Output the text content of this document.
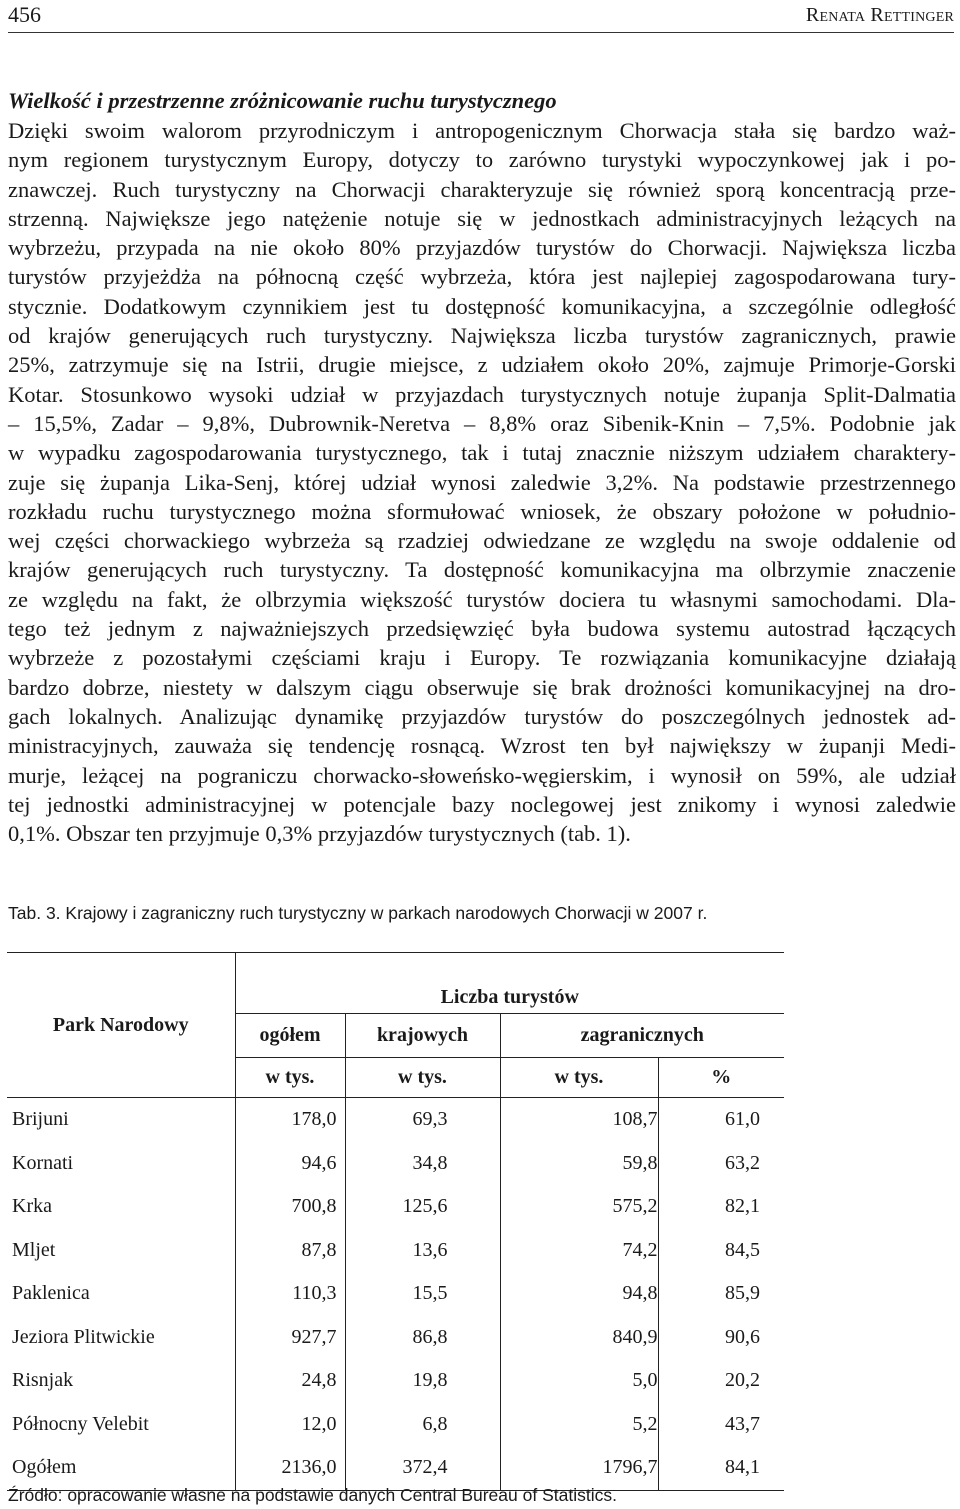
456	Renata Rettinger
Wielkość i przestrzenne zróżnicowanie ruchu turystycznego
Dzięki swoim walorom przyrodniczym i antropogenicznym Chorwacja stała się bardzo waż-
nym regionem turystycznym Europy, dotyczy to zarówno turystyki wypoczynkowej jak i po-
znawczej. Ruch turystyczny na Chorwacji charakteryzuje się również sporą koncentracją prze-
strzenną. Największe jego natężenie notuje się w jednostkach administracyjnych leżących na
wybrzeżu, przypada na nie około 80% przyjazdów turystów do Chorwacji. Największa liczba
turystów przyjeżdża na północną część wybrzeża, która jest najlepiej zagospodarowana tury-
stycznie. Dodatkowym czynnikiem jest tu dostępność komunikacyjna, a szczególnie odległość
od krajów generujących ruch turystyczny. Największa liczba turystów zagranicznych, prawie
25%, zatrzymuje się na Istrii, drugie miejsce, z udziałem około 20%, zajmuje Primorje-Gorski
Kotar. Stosunkowo wysoki udział w przyjazdach turystycznych notuje żupanja Split-Dalmatia
– 15,5%, Zadar – 9,8%, Dubrownik-Neretva – 8,8% oraz Sibenik-Knin – 7,5%. Podobnie jak
w wypadku zagospodarowania turystycznego, tak i tutaj znacznie niższym udziałem charaktery-
zuje się żupanja Lika-Senj, której udział wynosi zaledwie 3,2%. Na podstawie przestrzennego
rozkładu ruchu turystycznego można sformułować wniosek, że obszary położone w południo-
wej części chorwackiego wybrzeża są rzadziej odwiedzane ze względu na swoje oddalenie od
krajów generujących ruch turystyczny. Ta dostępność komunikacyjna ma olbrzymie znaczenie
ze względu na fakt, że olbrzymia większość turystów dociera tu własnymi samochodami. Dla-
tego też jednym z najważniejszych przedsięwzięć była budowa systemu autostrad łączących
wybrzeże z pozostałymi częściami kraju i Europy. Te rozwiązania komunikacyjne działają
bardzo dobrze, niestety w dalszym ciągu obserwuje się brak drożności komunikacyjnej na dro-
gach lokalnych. Analizując dynamikę przyjazdów turystów do poszczególnych jednostek ad-
ministracyjnych, zauważa się tendencję rosnącą. Wzrost ten był największy w żupanji Medi-
murje, leżącej na pograniczu chorwacko-słoweńsko-węgierskim, i wynosił on 59%, ale udział
tej jednostki administracyjnej w potencjale bazy noclegowej jest znikomy i wynosi zaledwie
0,1%. Obszar ten przyjmuje 0,3% przyjazdów turystycznych (tab. 1).
Tab. 3. Krajowy i zagraniczny ruch turystyczny w parkach narodowych Chorwacji w 2007 r.
Park Narodowy	Liczba turystów			
	ogółem	krajowych	zagranicznych	
	w tys.	w tys.	w tys.	%
Brijuni	178,0	69,3	108,7	61,0
Kornati	94,6	34,8	59,8	63,2
Krka	700,8	125,6	575,2	82,1
Mljet	87,8	13,6	74,2	84,5
Paklenica	110,3	15,5	94,8	85,9
Jeziora Plitwickie	927,7	86,8	840,9	90,6
Risnjak	24,8	19,8	5,0	20,2
Północny Velebit	12,0	6,8	5,2	43,7
Ogółem	2136,0	372,4	1796,7	84,1
Źródło: opracowanie własne na podstawie danych Central Bureau of Statistics.
